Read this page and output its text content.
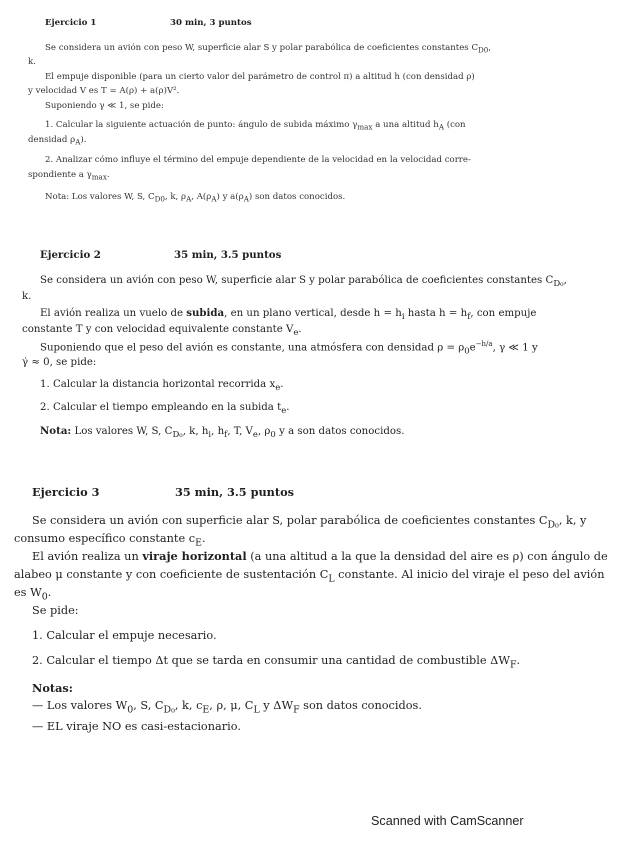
Ejercicio 1	30 min, 3 puntos
Se considera un avión con peso W, superficie alar S y polar parabólica de coeficientes constantes $C_{D0}$,
k.
El empuje disponible (para un cierto valor del parámetro de control π) a altitud h (con densidad ρ)
y velocidad V es T = A(ρ) + a(ρ)V².
Suponiendo γ ≪ 1, se pide:
1. Calcular la siguiente actuación de punto: ángulo de subida máximo $\gamma_{max}$ a una altitud $h_A$ (con
densidad $\rho_A$).
2. Analizar cómo influye el término del empuje dependiente de la velocidad en la velocidad corre-
spondiente a $\gamma_{max}$.
Nota: Los valores W, S, $C_{D0}$, k, $\rho_A$, $A(\rho_A)$ y $a(\rho_A)$ son datos conocidos.
Ejercicio 2	35 min, 3.5 puntos
Se considera un avión con peso W, superficie alar S y polar parabólica de coeficientes constantes $C_{D_0}$,
k.
El avión realiza un vuelo de subida, en un plano vertical, desde $h = h_i$ hasta $h = h_f$, con empuje
constante T y con velocidad equivalente constante $V_e$.
Suponiendo que el peso del avión es constante, una atmósfera con densidad $\rho = \rho_0e^{-h/a}$, γ ≪ 1 y
γ̇ ≈ 0, se pide:
1. Calcular la distancia horizontal recorrida $x_e$.
2. Calcular el tiempo empleando en la subida $t_e$.
Nota: Los valores W, S, $C_{D_0}$, k, $h_i$, $h_f$, T, $V_e$, $\rho_0$ y a son datos conocidos.
Ejercicio 3	35 min, 3.5 puntos
Se considera un avión con superficie alar S, polar parabólica de coeficientes constantes $C_{D_0}$, k, y
consumo específico constante $c_E$.
El avión realiza un viraje horizontal (a una altitud a la que la densidad del aire es ρ) con ángulo de
alabeo μ constante y con coeficiente de sustentación $C_L$ constante. Al inicio del viraje el peso del avión
es $W_0$.
Se pide:
1. Calcular el empuje necesario.
2. Calcular el tiempo Δt que se tarda en consumir una cantidad de combustible $\Delta W_F$.
Notas:
— Los valores $W_0$, S, $C_{D_0}$, k, $c_E$, ρ, μ, $C_L$ y $\Delta W_F$ son datos conocidos.
— EL viraje NO es casi-estacionario.
Scanned with CamScanner
